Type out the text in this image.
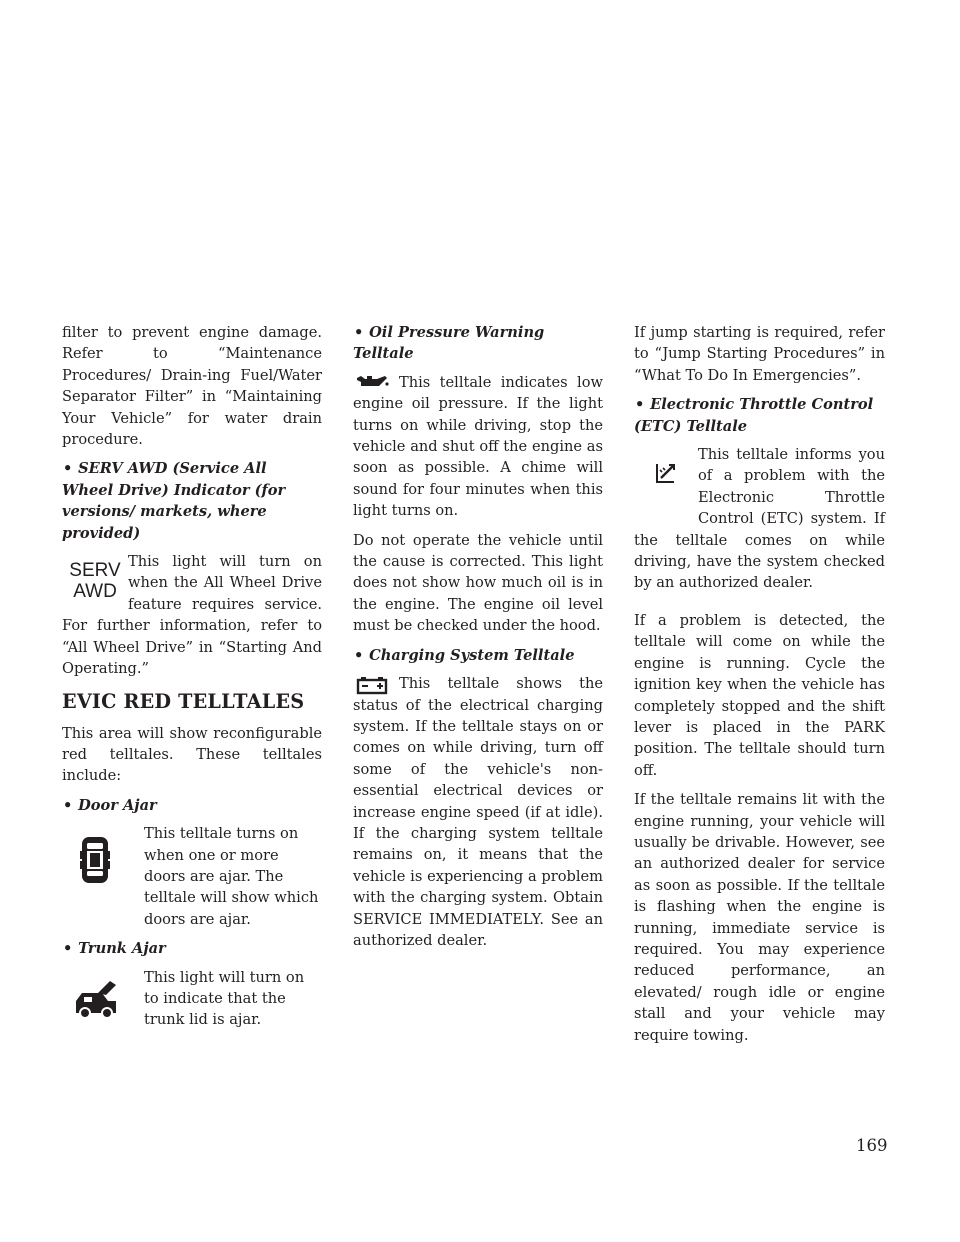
filter to prevent engine damage. Refer to “Maintenance Procedures/ Drain-ing Fuel/Water Separator Filter” in “Maintaining Your Vehicle” for water drain procedure.

• SERV AWD (Service All Wheel Drive) Indicator (for versions/ markets, where provided)
SERV
AWD

This light will turn on when the All Wheel Drive feature requires service. For further information, refer to “All Wheel Drive” in “Starting And Operating.”

EVIC RED TELLTALES

This area will show reconfigurable red telltales. These telltales include:

• Door Ajar

This telltale turns on when one or more doors are ajar. The telltale will show which doors are ajar.

• Trunk Ajar

This light will turn on to indicate that the trunk lid is ajar.

• Oil Pressure Warning Telltale

This telltale indicates low engine oil pressure. If the light turns on while driving, stop the vehicle and shut off the engine as soon as possible. A chime will sound for four minutes when this light turns on.

Do not operate the vehicle until the cause is corrected. This light does not show how much oil is in the engine. The engine oil level must be checked under the hood.

• Charging System Telltale

This telltale shows the status of the electrical charging system. If the telltale stays on or comes on while driving, turn off some of the vehicle's non-essential electrical devices or increase engine speed (if at idle). If the charging system telltale remains on, it means that the vehicle is experiencing a problem with the charging system. Obtain SERVICE IMMEDIATELY. See an authorized dealer.

If jump starting is required, refer to “Jump Starting Procedures” in “What To Do In Emergencies”.

• Electronic Throttle Control (ETC) Telltale

This telltale informs you of a problem with the Electronic Throttle Control (ETC) system. If the telltale comes on while driving, have the system checked by an authorized dealer.

If a problem is detected, the telltale will come on while the engine is running. Cycle the ignition key when the vehicle has completely stopped and the shift lever is placed in the PARK position. The telltale should turn off.

If the telltale remains lit with the engine running, your vehicle will usually be drivable. However, see an authorized dealer for service as soon as possible. If the telltale is flashing when the engine is running, immediate service is required. You may experience reduced performance, an elevated/ rough idle or engine stall and your vehicle may require towing.

169
